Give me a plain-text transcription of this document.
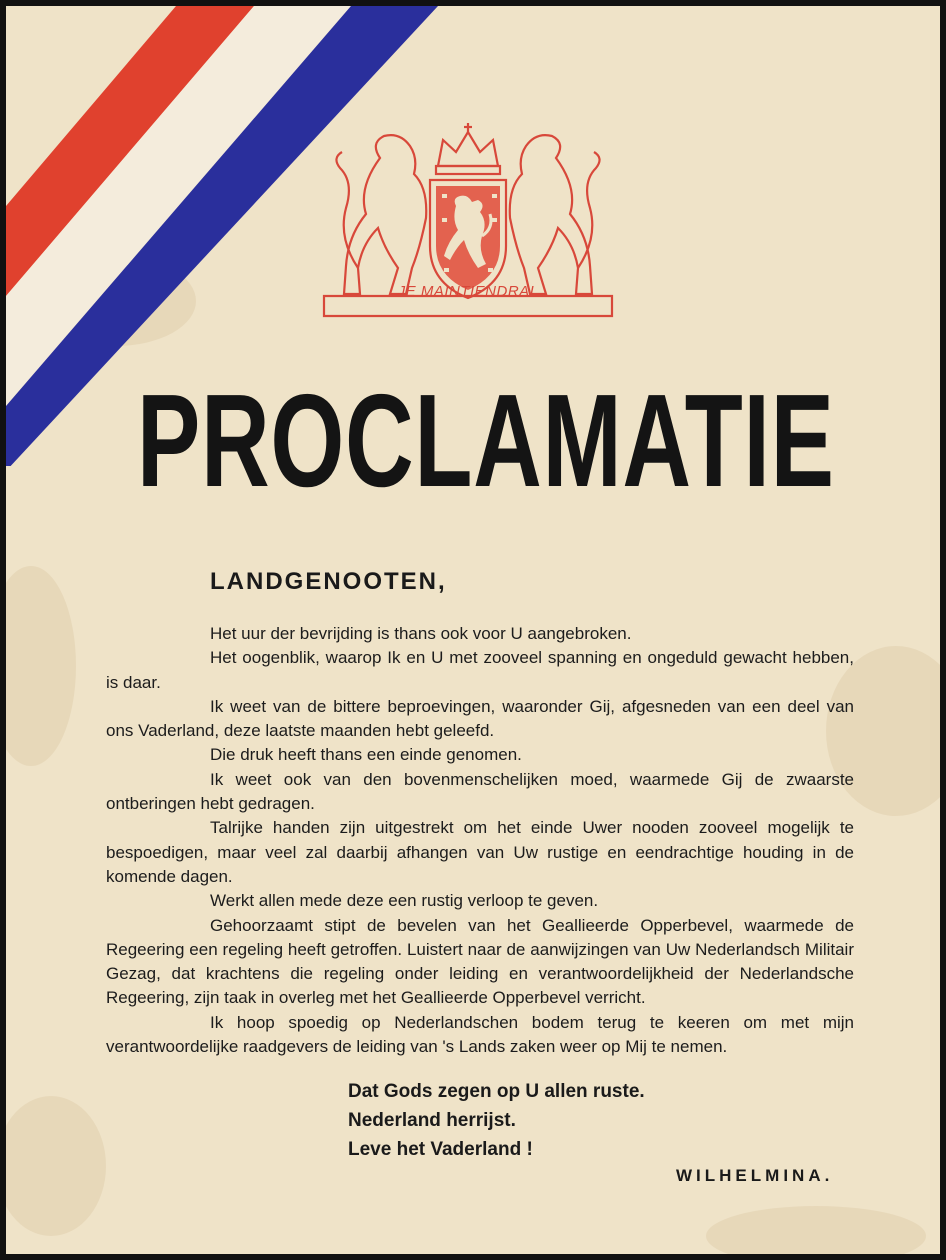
JE MAINTIENDRAI
PROCLAMATIE
LANDGENOOTEN,

Het uur der bevrijding is thans ook voor U aangebroken.

Het oogenblik, waarop Ik en U met zooveel spanning en ongeduld gewacht hebben, is daar.

Ik weet van de bittere beproevingen, waaronder Gij, afgesneden van een deel van ons Vaderland, deze laatste maanden hebt geleefd.

Die druk heeft thans een einde genomen.

Ik weet ook van den bovenmenschelijken moed, waarmede Gij de zwaarste ontberingen hebt gedragen.

Talrijke handen zijn uitgestrekt om het einde Uwer nooden zooveel mogelijk te bespoedigen, maar veel zal daarbij afhangen van Uw rustige en eendrachtige houding in de komende dagen.

Werkt allen mede deze een rustig verloop te geven.

Gehoorzaamt stipt de bevelen van het Geallieerde Opperbevel, waarmede de Regeering een regeling heeft getroffen. Luistert naar de aanwijzingen van Uw Nederlandsch Militair Gezag, dat krachtens die regeling onder leiding en verantwoordelijkheid der Nederlandsche Regeering, zijn taak in overleg met het Geallieerde Opperbevel verricht.

Ik hoop spoedig op Nederlandschen bodem terug te keeren om met mijn verantwoordelijke raadgevers de leiding van 's Lands zaken weer op Mij te nemen.

Dat Gods zegen op U allen ruste.
Nederland herrijst.
Leve het Vaderland !
WILHELMINA.
